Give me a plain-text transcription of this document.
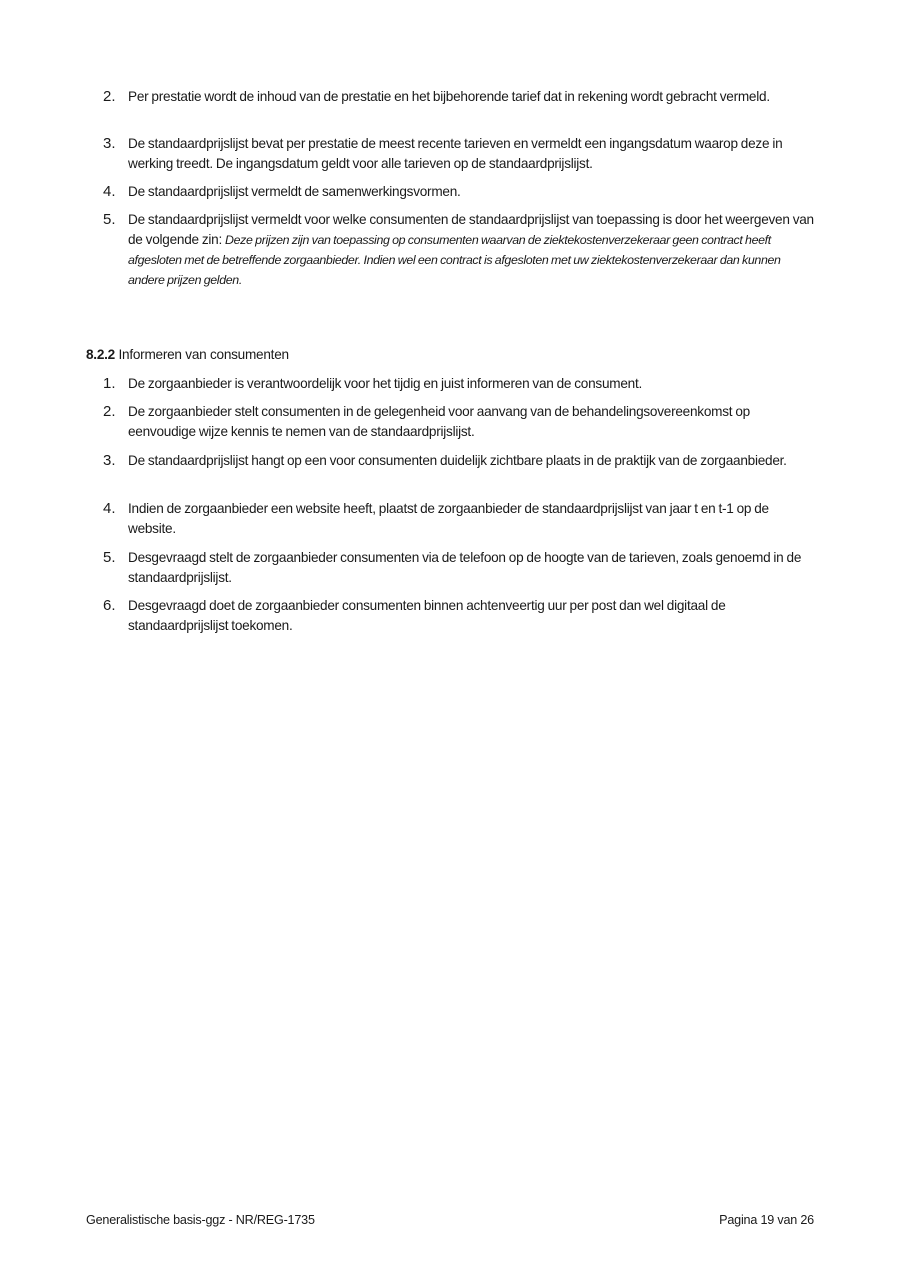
2. Per prestatie wordt de inhoud van de prestatie en het bijbehorende tarief dat in rekening wordt gebracht vermeld.
3. De standaardprijslijst bevat per prestatie de meest recente tarieven en vermeldt een ingangsdatum waarop deze in werking treedt. De ingangsdatum geldt voor alle tarieven op de standaardprijslijst.
4. De standaardprijslijst vermeldt de samenwerkingsvormen.
5. De standaardprijslijst vermeldt voor welke consumenten de standaardprijslijst van toepassing is door het weergeven van de volgende zin: Deze prijzen zijn van toepassing op consumenten waarvan de ziektekostenverzekeraar geen contract heeft afgesloten met de betreffende zorgaanbieder. Indien wel een contract is afgesloten met uw ziektekostenverzekeraar dan kunnen andere prijzen gelden.
8.2.2 Informeren van consumenten
1. De zorgaanbieder is verantwoordelijk voor het tijdig en juist informeren van de consument.
2. De zorgaanbieder stelt consumenten in de gelegenheid voor aanvang van de behandelingsovereenkomst op eenvoudige wijze kennis te nemen van de standaardprijslijst.
3. De standaardprijslijst hangt op een voor consumenten duidelijk zichtbare plaats in de praktijk van de zorgaanbieder.
4. Indien de zorgaanbieder een website heeft, plaatst de zorgaanbieder de standaardprijslijst van jaar t en t-1 op de website.
5. Desgevraagd stelt de zorgaanbieder consumenten via de telefoon op de hoogte van de tarieven, zoals genoemd in de standaardprijslijst.
6. Desgevraagd doet de zorgaanbieder consumenten binnen achtenveertig uur per post dan wel digitaal de standaardprijslijst toekomen.
Generalistische basis-ggz - NR/REG-1735	Pagina 19 van 26
